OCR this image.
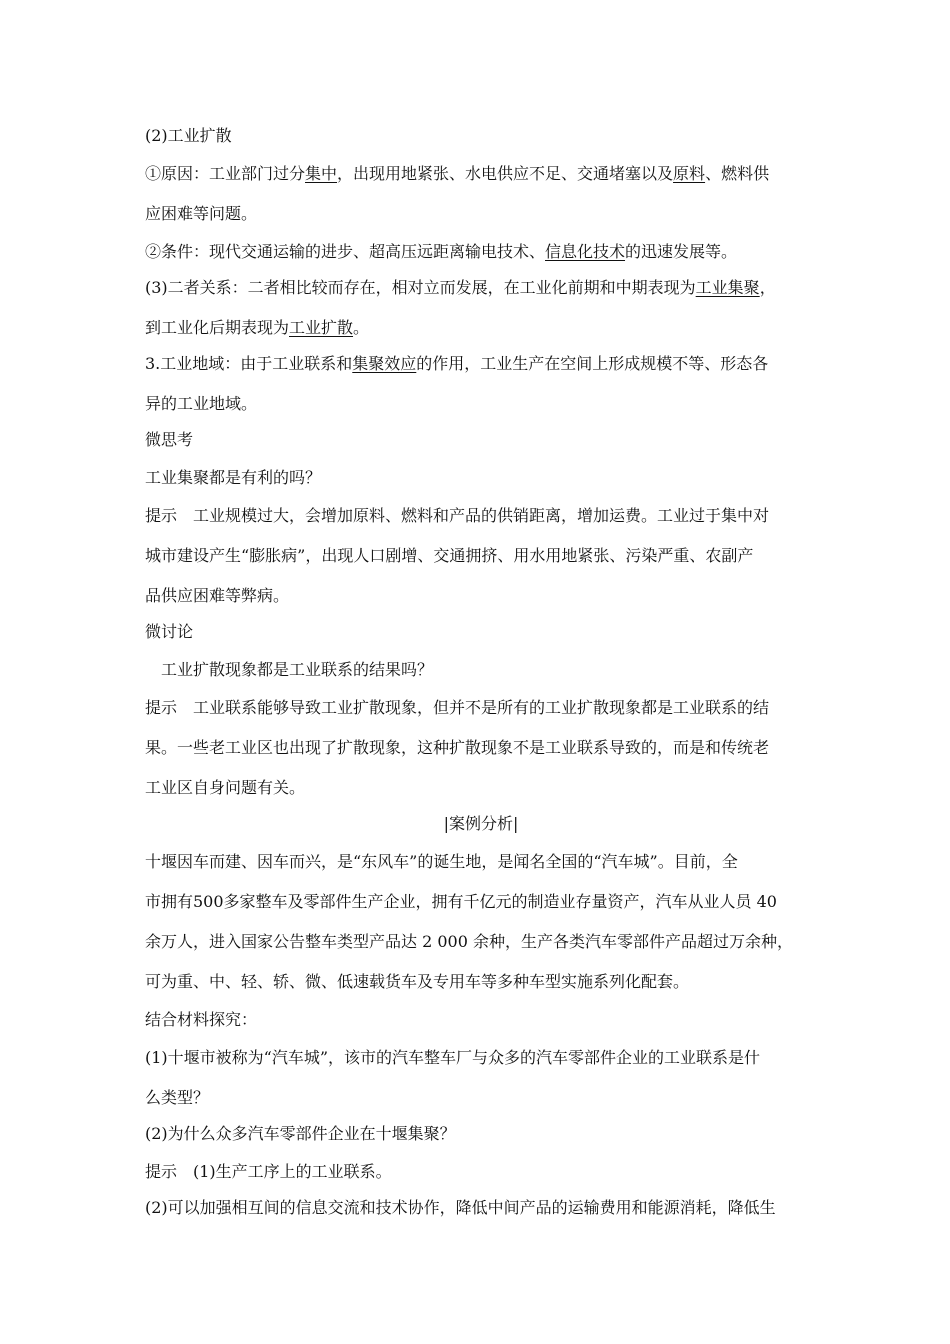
(2)工业扩散
①原因：工业部门过分集中，出现用地紧张、水电供应不足、交通堵塞以及原料、燃料供
应困难等问题。
②条件：现代交通运输的进步、超高压远距离输电技术、信息化技术的迅速发展等。
(3)二者关系：二者相比较而存在，相对立而发展，在工业化前期和中期表现为工业集聚，
到工业化后期表现为工业扩散。
3.工业地域：由于工业联系和集聚效应的作用，工业生产在空间上形成规模不等、形态各
异的工业地域。
微思考
工业集聚都是有利的吗？
提示　工业规模过大，会增加原料、燃料和产品的供销距离，增加运费。工业过于集中对
城市建设产生“膨胀病”，出现人口剧增、交通拥挤、用水用地紧张、污染严重、农副产
品供应困难等弊病。
微讨论
　工业扩散现象都是工业联系的结果吗？
提示　工业联系能够导致工业扩散现象，但并不是所有的工业扩散现象都是工业联系的结
果。一些老工业区也出现了扩散现象，这种扩散现象不是工业联系导致的，而是和传统老
工业区自身问题有关。
|案例分析|
十堰因车而建、因车而兴，是“东风车”的诞生地，是闻名全国的“汽车城”。目前，全
市拥有500多家整车及零部件生产企业，拥有千亿元的制造业存量资产，汽车从业人员 40
余万人，进入国家公告整车类型产品达 2 000 余种，生产各类汽车零部件产品超过万余种，
可为重、中、轻、轿、微、低速载货车及专用车等多种车型实施系列化配套。
结合材料探究：
(1)十堰市被称为“汽车城”，该市的汽车整车厂与众多的汽车零部件企业的工业联系是什
么类型？
(2)为什么众多汽车零部件企业在十堰集聚？
提示　(1)生产工序上的工业联系。
(2)可以加强相互间的信息交流和技术协作，降低中间产品的运输费用和能源消耗，降低生
